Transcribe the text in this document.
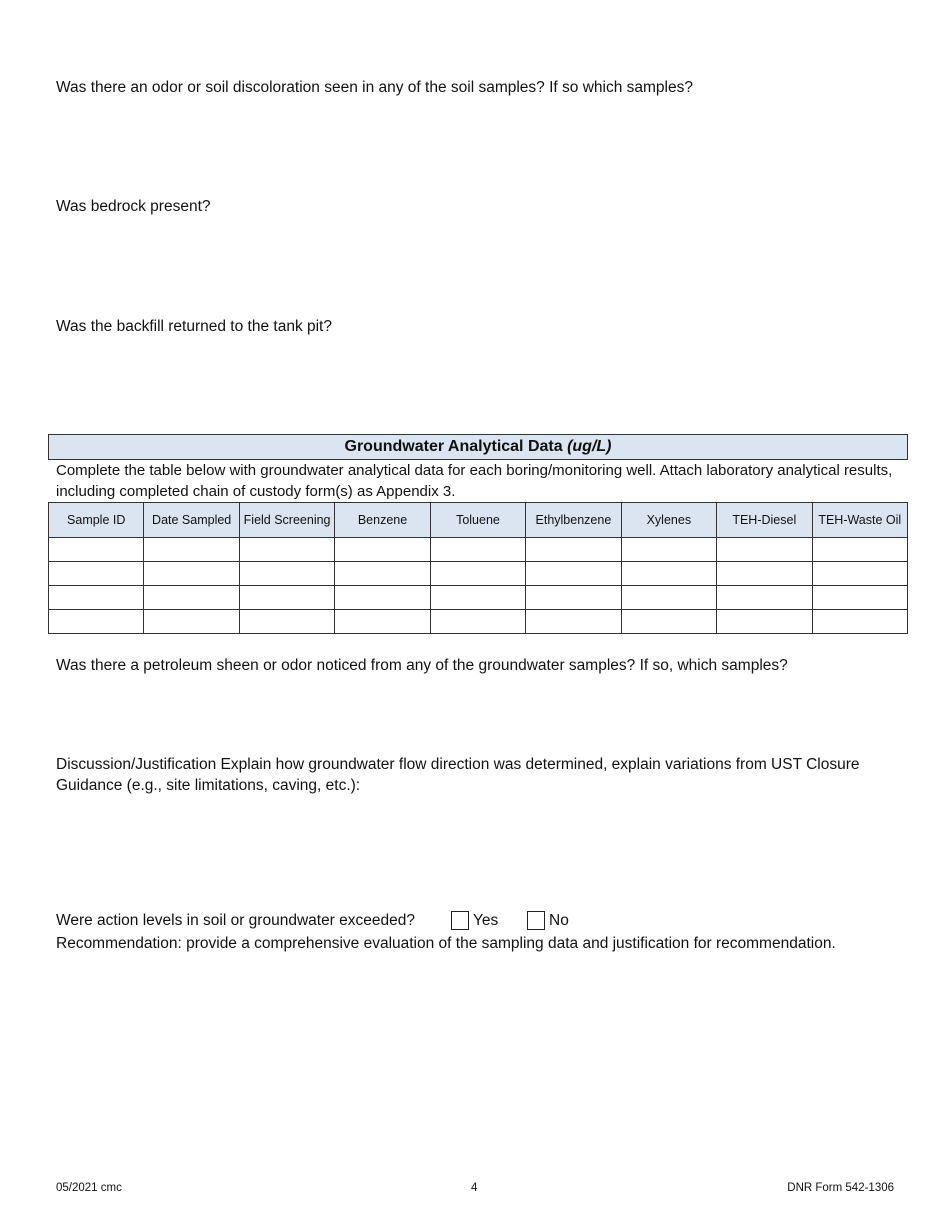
Was there an odor or soil discoloration seen in any of the soil samples? If so which samples?

Was bedrock present?

Was the backfill returned to the tank pit?

Groundwater Analytical Data (ug/L)

Complete the table below with groundwater analytical data for each boring/monitoring well. Attach laboratory analytical results, including completed chain of custody form(s) as Appendix 3.

Sample ID	Date Sampled	Field Screening	Benzene	Toluene	Ethylbenzene	Xylenes	TEH-Diesel	TEH-Waste Oil

Was there a petroleum sheen or odor noticed from any of the groundwater samples? If so, which samples?

Discussion/Justification Explain how groundwater flow direction was determined, explain variations from UST Closure Guidance (e.g., site limitations, caving, etc.):

Were action levels in soil or groundwater exceeded?	Yes	No

Recommendation: provide a comprehensive evaluation of the sampling data and justification for recommendation.

05/2021 cmc	4	DNR Form 542-1306
